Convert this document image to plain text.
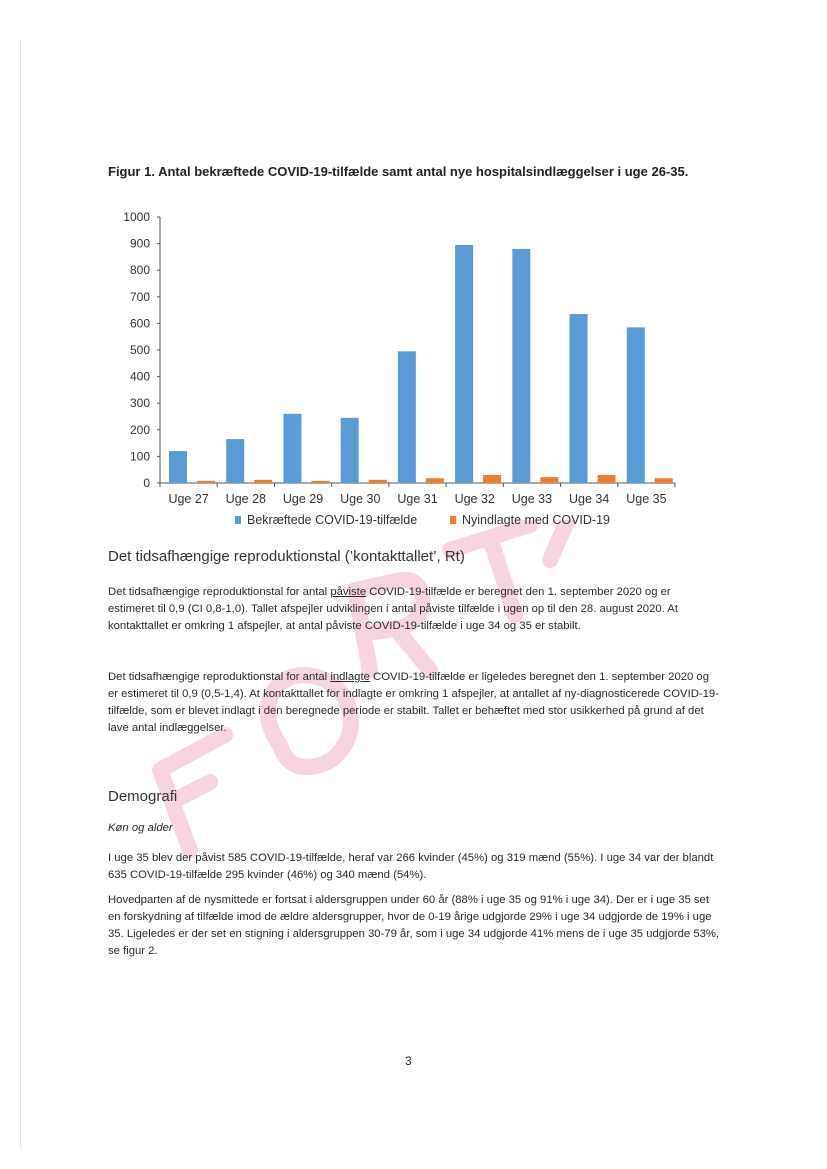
Figur 1. Antal bekræftede COVID-19-tilfælde samt antal nye hospitalsindlæggelser i uge 26-35.
0
100
200
300
400
500
600
700
800
900
1000
Uge 27 Uge 28 Uge 29 Uge 30 Uge 31 Uge 32 Uge 33 Uge 34 Uge 35
Bekræftede COVID-19-tilfælde	Nyindlagte med COVID-19
Det tidsafhængige reproduktionstal (’kontakttallet’, Rt)
Det tidsafhængige reproduktionstal for antal påviste COVID-19-tilfælde er beregnet den 1. september 2020 og er estimeret til 0,9 (CI 0,8-1,0). Tallet afspejler udviklingen i antal påviste tilfælde i ugen op til den 28. august 2020. At kontakttallet er omkring 1 afspejler, at antal påviste COVID-19-tilfælde i uge 34 og 35 er stabilt.
Det tidsafhængige reproduktionstal for antal indlagte COVID-19-tilfælde er ligeledes beregnet den 1. september 2020 og er estimeret til 0,9 (0,5-1,4). At kontakttallet for indlagte er omkring 1 afspejler, at antallet af ny-diagnosticerede COVID-19-tilfælde, som er blevet indlagt i den beregnede periode er stabilt. Tallet er behæftet med stor usikkerhed på grund af det lave antal indlæggelser.
Demografi
Køn og alder
I uge 35 blev der påvist 585 COVID-19-tilfælde, heraf var 266 kvinder (45%) og 319 mænd (55%). I uge 34 var der blandt 635 COVID-19-tilfælde 295 kvinder (46%) og 340 mænd (54%).
Hovedparten af de nysmittede er fortsat i aldersgruppen under 60 år (88% i uge 35 og 91% i uge 34). Der er i uge 35 set en forskydning af tilfælde imod de ældre aldersgrupper, hvor de 0-19 årige udgjorde 29% i uge 34 udgjorde de 19% i uge 35. Ligeledes er der set en stigning i aldersgruppen 30-79 år, som i uge 34 udgjorde 41% mens de i uge 35 udgjorde 53%, se figur 2.
3
